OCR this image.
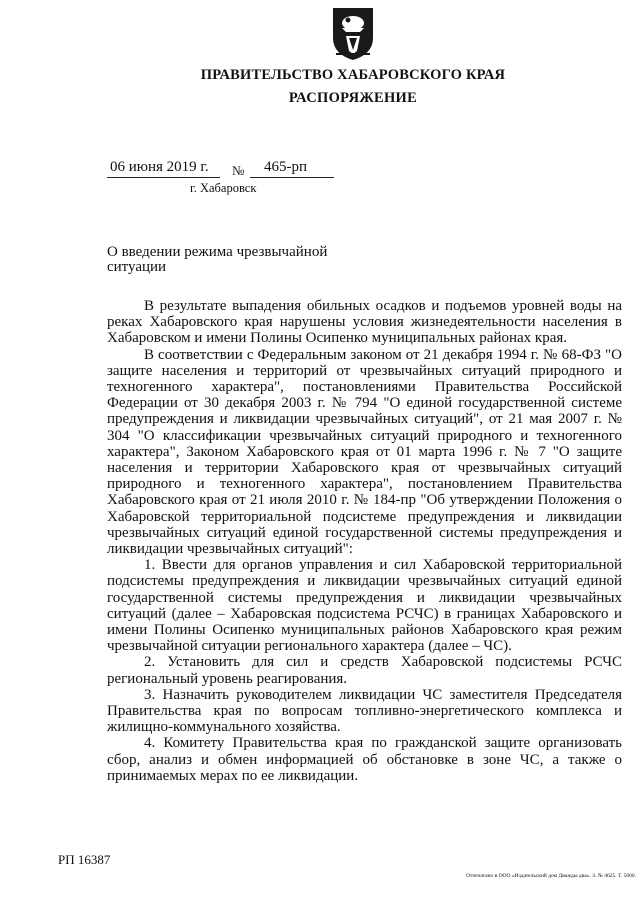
ПРАВИТЕЛЬСТВО ХАБАРОВСКОГО КРАЯ
РАСПОРЯЖЕНИЕ
06 июня 2019 г. № 465-рп
г. Хабаровск
О введении режима чрезвычайной ситуации

В результате выпадения обильных осадков и подъемов уровней воды на реках Хабаровского края нарушены условия жизнедеятельности населения в Хабаровском и имени Полины Осипенко муниципальных районах края.

В соответствии с Федеральным законом от 21 декабря 1994 г. № 68-ФЗ "О защите населения и территорий от чрезвычайных ситуаций природного и техногенного характера", постановлениями Правительства Российской Федерации от 30 декабря 2003 г. № 794 "О единой государственной системе предупреждения и ликвидации чрезвычайных ситуаций", от 21 мая 2007 г. № 304 "О классификации чрезвычайных ситуаций природного и техногенного характера", Законом Хабаровского края от 01 марта 1996 г. № 7 "О защите населения и территории Хабаровского края от чрезвычайных ситуаций природного и техногенного характера", постановлением Правительства Хабаровского края от 21 июля 2010 г. № 184-пр "Об утверждении Положения о Хабаровской территориальной подсистеме предупреждения и ликвидации чрезвычайных ситуаций единой государственной системы предупреждения и ликвидации чрезвычайных ситуаций":

1. Ввести для органов управления и сил Хабаровской территориальной подсистемы предупреждения и ликвидации чрезвычайных ситуаций единой государственной системы предупреждения и ликвидации чрезвычайных ситуаций (далее – Хабаровская подсистема РСЧС) в границах Хабаровского и имени Полины Осипенко муниципальных районов Хабаровского края режим чрезвычайной ситуации регионального характера (далее – ЧС).

2. Установить для сил и средств Хабаровской подсистемы РСЧС региональный уровень реагирования.

3. Назначить руководителем ликвидации ЧС заместителя Председателя Правительства края по вопросам топливно-энергетического комплекса и жилищно-коммунального хозяйства.

4. Комитету Правительства края по гражданской защите организовать сбор, анализ и обмен информацией об обстановке в зоне ЧС, а также о принимаемых мерах по ее ликвидации.

РП 16387
Отпечатано в ООО «Издательский дом Дважды два». З. № 4625. Т. 5000.
